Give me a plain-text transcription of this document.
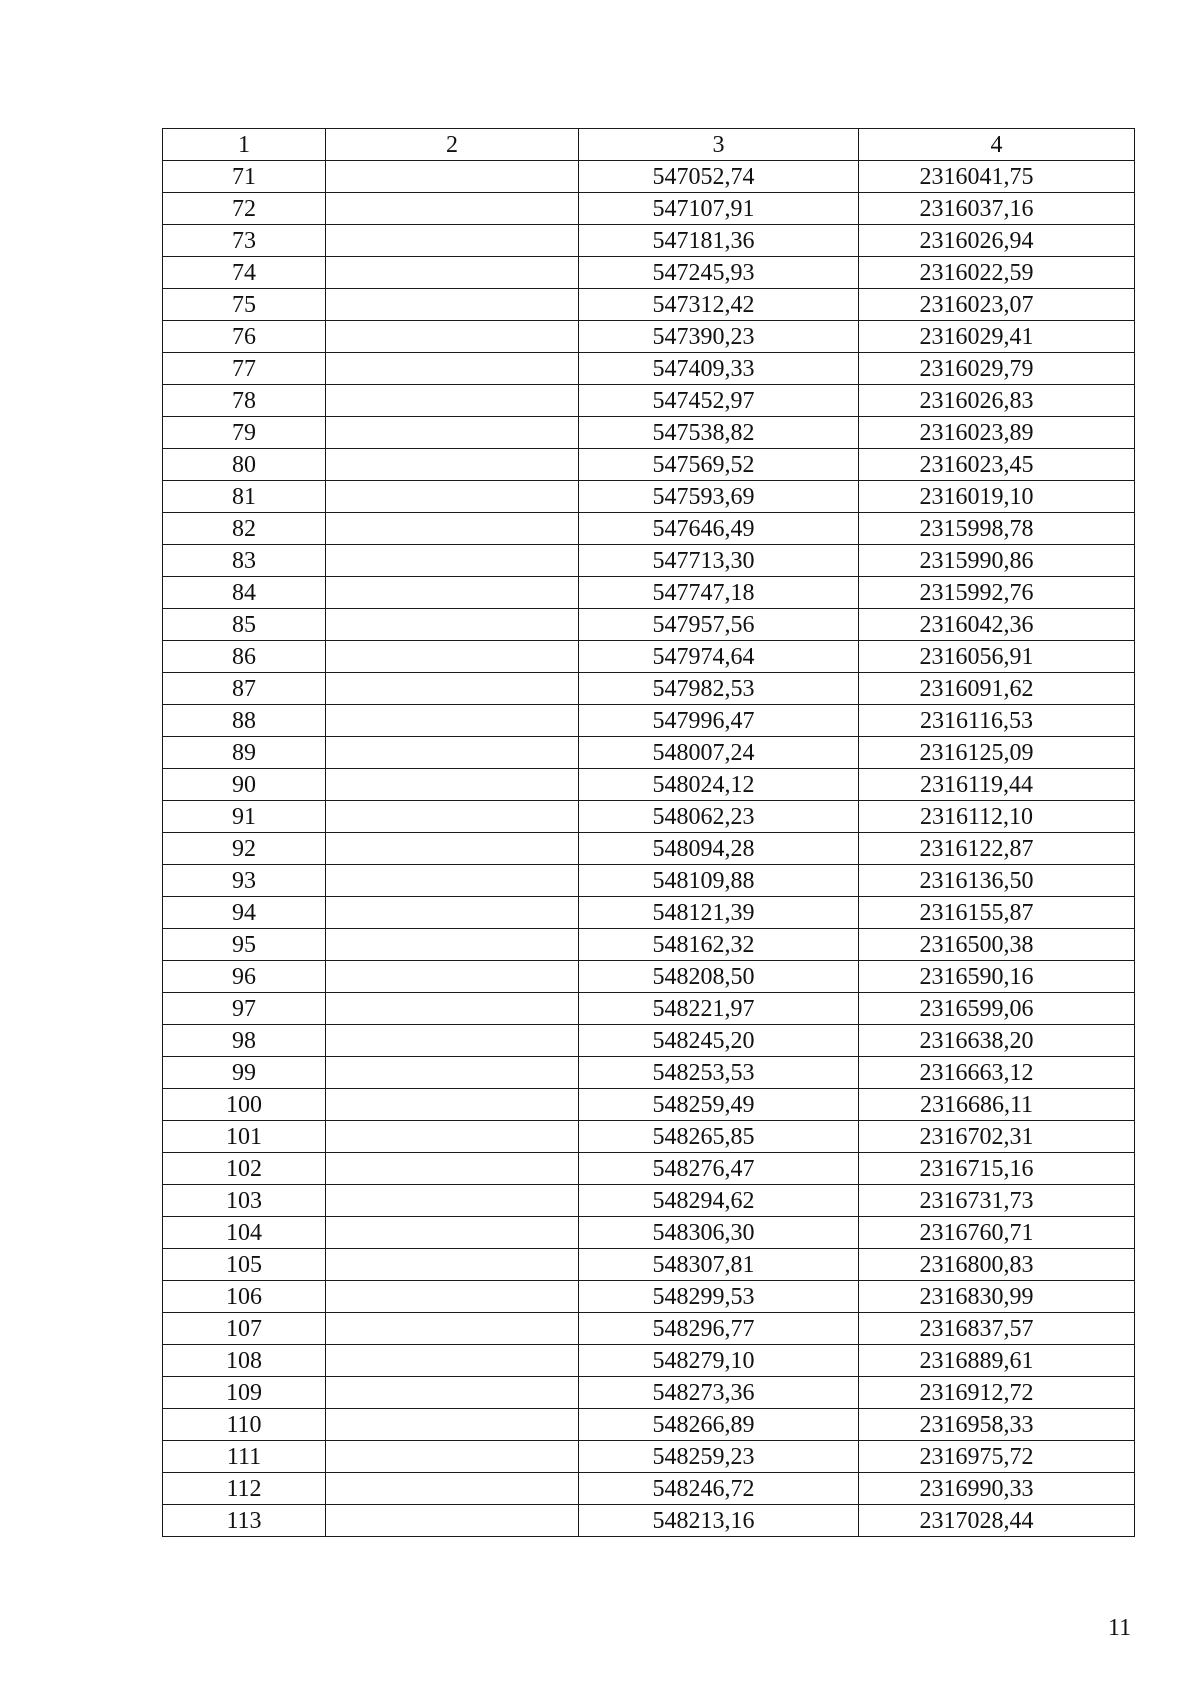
1	2	3	4
71		547052,74	2316041,75
72		547107,91	2316037,16
73		547181,36	2316026,94
74		547245,93	2316022,59
75		547312,42	2316023,07
76		547390,23	2316029,41
77		547409,33	2316029,79
78		547452,97	2316026,83
79		547538,82	2316023,89
80		547569,52	2316023,45
81		547593,69	2316019,10
82		547646,49	2315998,78
83		547713,30	2315990,86
84		547747,18	2315992,76
85		547957,56	2316042,36
86		547974,64	2316056,91
87		547982,53	2316091,62
88		547996,47	2316116,53
89		548007,24	2316125,09
90		548024,12	2316119,44
91		548062,23	2316112,10
92		548094,28	2316122,87
93		548109,88	2316136,50
94		548121,39	2316155,87
95		548162,32	2316500,38
96		548208,50	2316590,16
97		548221,97	2316599,06
98		548245,20	2316638,20
99		548253,53	2316663,12
100		548259,49	2316686,11
101		548265,85	2316702,31
102		548276,47	2316715,16
103		548294,62	2316731,73
104		548306,30	2316760,71
105		548307,81	2316800,83
106		548299,53	2316830,99
107		548296,77	2316837,57
108		548279,10	2316889,61
109		548273,36	2316912,72
110		548266,89	2316958,33
111		548259,23	2316975,72
112		548246,72	2316990,33
113		548213,16	2317028,44
11
